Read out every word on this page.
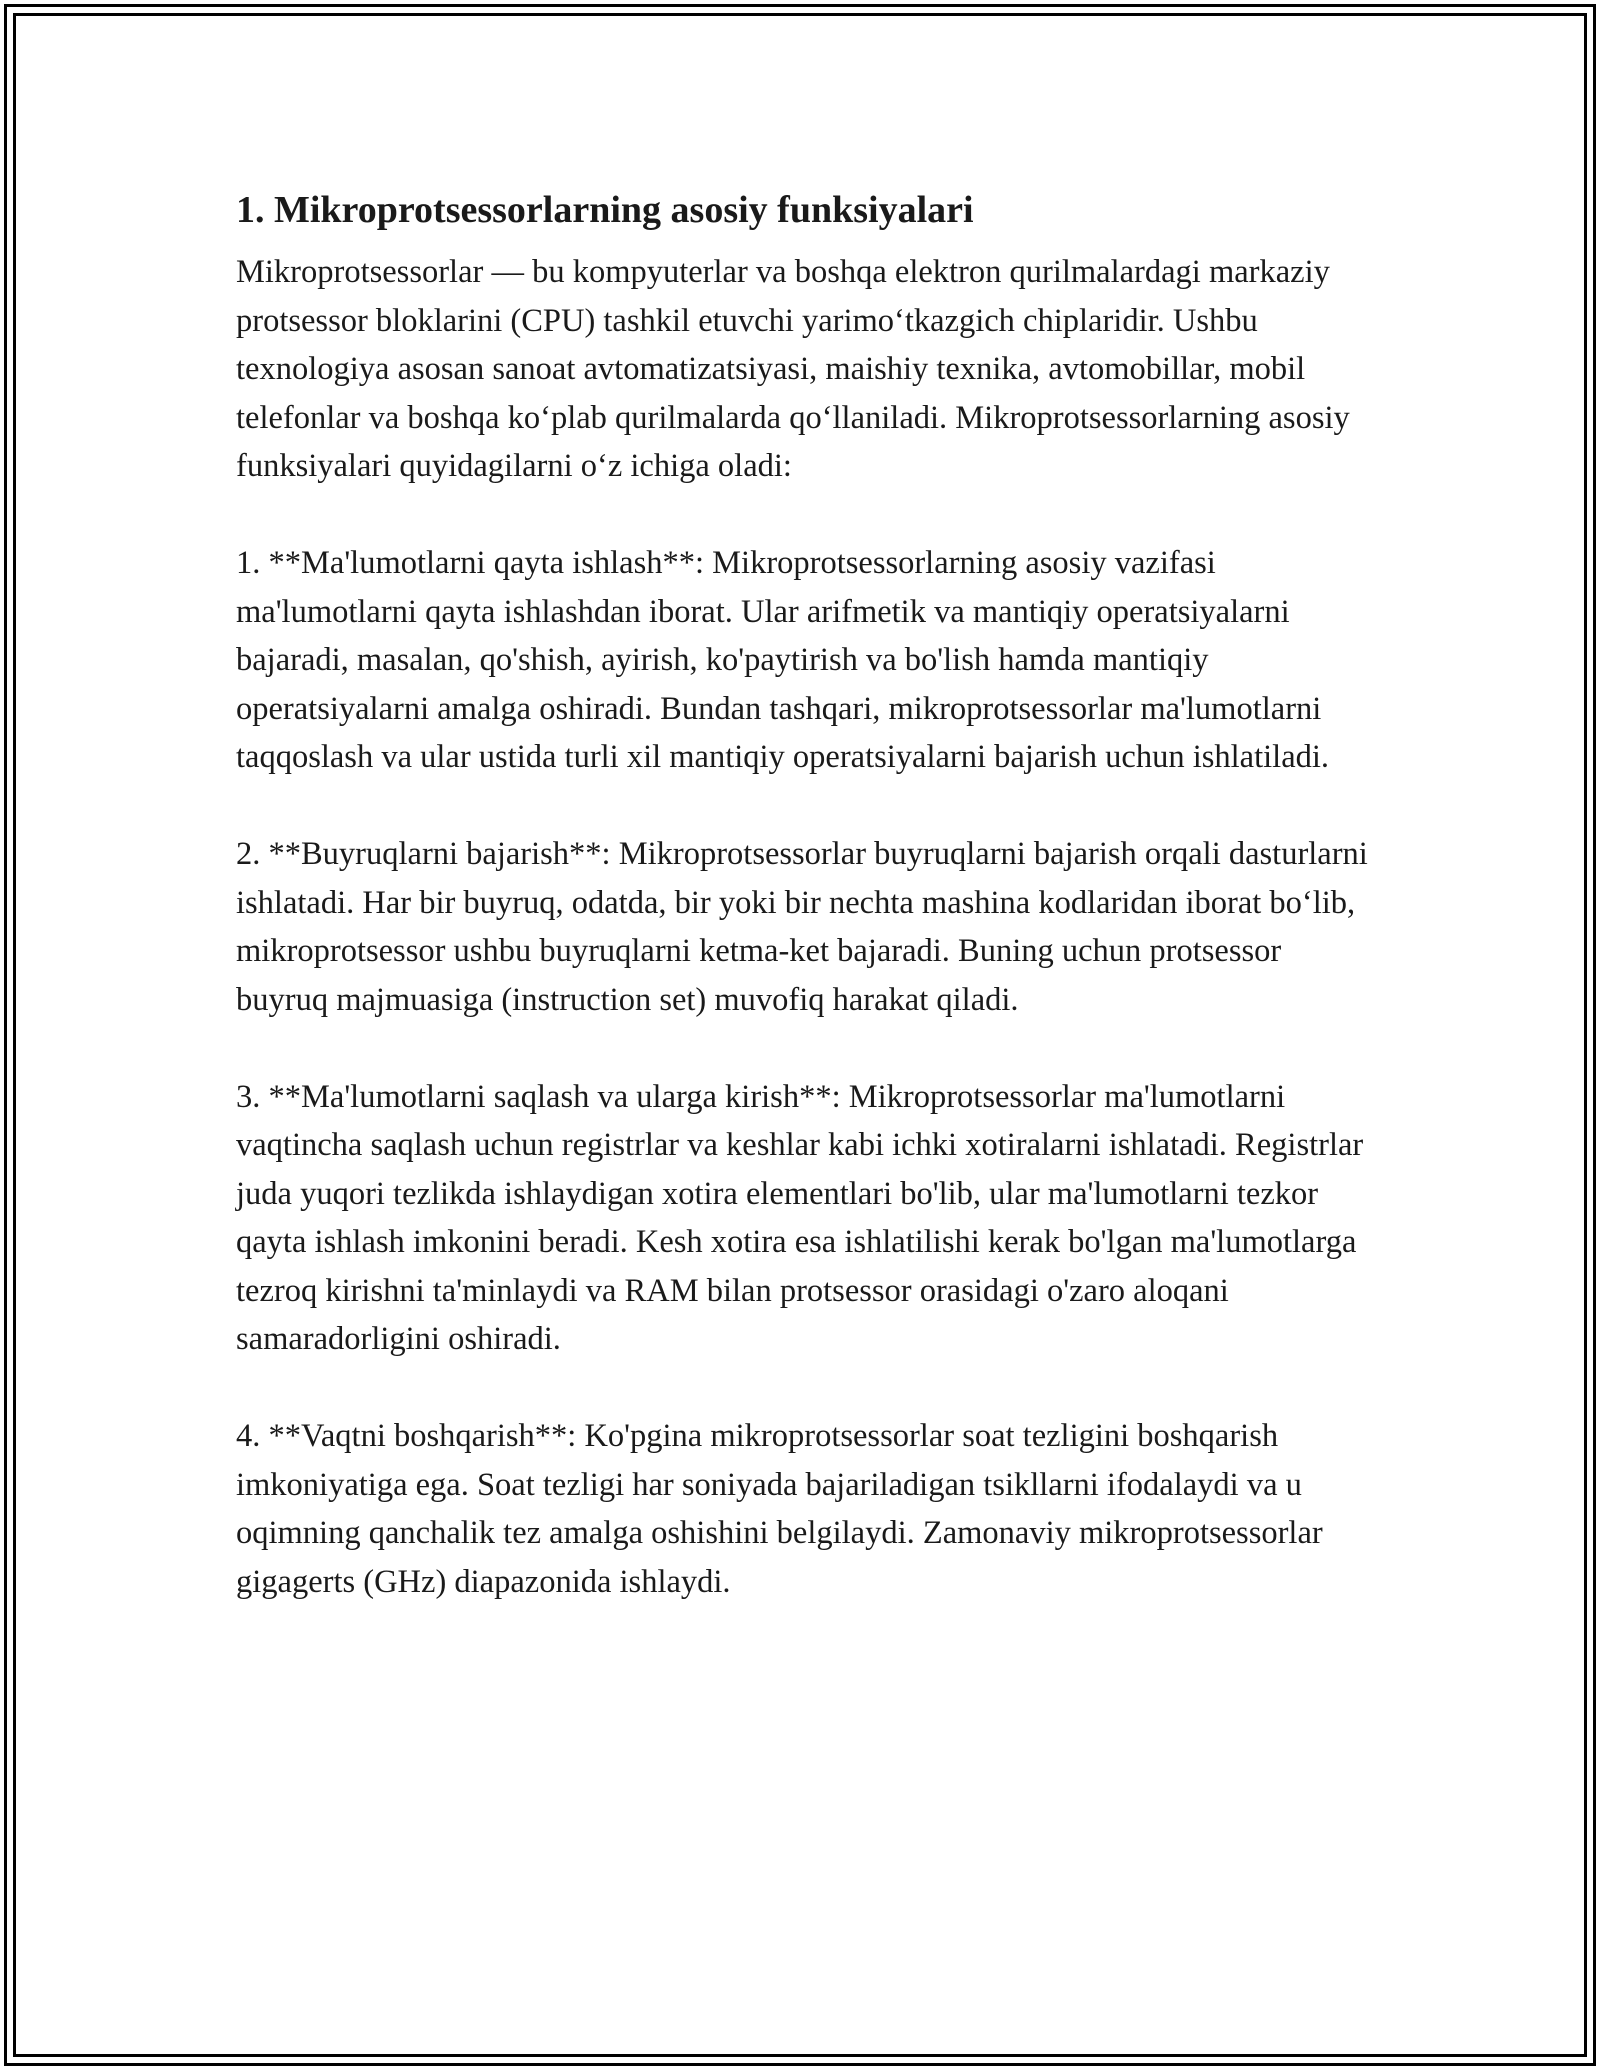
1. Mikroprotsessorlarning asosiy funksiyalari

Mikroprotsessorlar — bu kompyuterlar va boshqa elektron qurilmalardagi markaziy protsessor bloklarini (CPU) tashkil etuvchi yarimo‘tkazgich chiplaridir. Ushbu texnologiya asosan sanoat avtomatizatsiyasi, maishiy texnika, avtomobillar, mobil telefonlar va boshqa ko‘plab qurilmalarda qo‘llaniladi. Mikroprotsessorlarning asosiy funksiyalari quyidagilarni o‘z ichiga oladi:

1. **Ma'lumotlarni qayta ishlash**: Mikroprotsessorlarning asosiy vazifasi ma'lumotlarni qayta ishlashdan iborat. Ular arifmetik va mantiqiy operatsiyalarni bajaradi, masalan, qo'shish, ayirish, ko'paytirish va bo'lish hamda mantiqiy operatsiyalarni amalga oshiradi. Bundan tashqari, mikroprotsessorlar ma'lumotlarni taqqoslash va ular ustida turli xil mantiqiy operatsiyalarni bajarish uchun ishlatiladi.

2. **Buyruqlarni bajarish**: Mikroprotsessorlar buyruqlarni bajarish orqali dasturlarni ishlatadi. Har bir buyruq, odatda, bir yoki bir nechta mashina kodlaridan iborat bo‘lib, mikroprotsessor ushbu buyruqlarni ketma-ket bajaradi. Buning uchun protsessor buyruq majmuasiga (instruction set) muvofiq harakat qiladi.

3. **Ma'lumotlarni saqlash va ularga kirish**: Mikroprotsessorlar ma'lumotlarni vaqtincha saqlash uchun registrlar va keshlar kabi ichki xotiralarni ishlatadi. Registrlar juda yuqori tezlikda ishlaydigan xotira elementlari bo'lib, ular ma'lumotlarni tezkor qayta ishlash imkonini beradi. Kesh xotira esa ishlatilishi kerak bo'lgan ma'lumotlarga tezroq kirishni ta'minlaydi va RAM bilan protsessor orasidagi o'zaro aloqani samaradorligini oshiradi.

4. **Vaqtni boshqarish**: Ko'pgina mikroprotsessorlar soat tezligini boshqarish imkoniyatiga ega. Soat tezligi har soniyada bajariladigan tsikllarni ifodalaydi va u oqimning qanchalik tez amalga oshishini belgilaydi. Zamonaviy mikroprotsessorlar gigagerts (GHz) diapazonida ishlaydi.
